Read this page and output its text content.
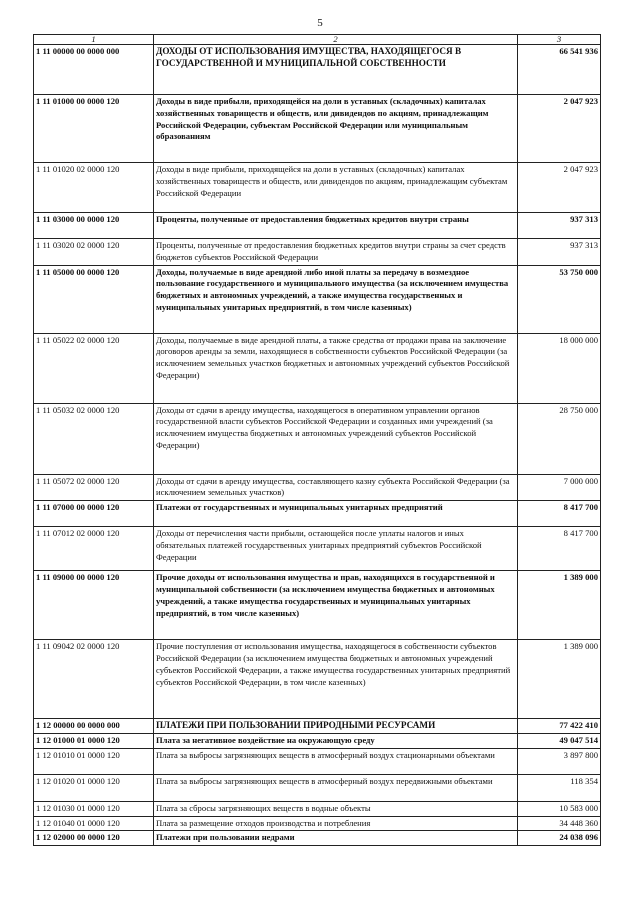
5
1	2	3
1 11 00000 00 0000 000	ДОХОДЫ ОТ ИСПОЛЬЗОВАНИЯ ИМУЩЕСТВА, НАХОДЯЩЕГОСЯ В ГОСУДАРСТВЕННОЙ И МУНИЦИПАЛЬНОЙ СОБСТВЕННОСТИ	66 541 936
1 11 01000 00 0000 120	Доходы в виде прибыли, приходящейся на доли в уставных (складочных) капиталах хозяйственных товариществ и обществ, или дивидендов по акциям, принадлежащим Российской Федерации, субъектам Российской Федерации или муниципальным образованиям	2 047 923
1 11 01020 02 0000 120	Доходы в виде прибыли, приходящейся на доли в уставных (складочных) капиталах хозяйственных товариществ и обществ, или дивидендов по акциям, принадлежащим субъектам Российской Федерации	2 047 923
1 11 03000 00 0000 120	Проценты, полученные от предоставления бюджетных кредитов внутри страны	937 313
1 11 03020 02 0000 120	Проценты, полученные от предоставления бюджетных кредитов внутри страны за счет средств бюджетов субъектов Российской Федерации	937 313
1 11 05000 00 0000 120	Доходы, получаемые в виде арендной либо иной платы за передачу в возмездное пользование государственного и муниципального имущества (за исключением имущества бюджетных и автономных учреждений, а также имущества государственных и муниципальных унитарных предприятий, в том числе казенных)	53 750 000
1 11 05022 02 0000 120	Доходы, получаемые в виде арендной платы, а также средства от продажи права на заключение договоров аренды за земли, находящиеся в собственности субъектов Российской Федерации (за исключением земельных участков бюджетных и автономных учреждений субъектов Российской Федерации)	18 000 000
1 11 05032 02 0000 120	Доходы от сдачи в аренду имущества, находящегося в оперативном управлении органов государственной власти субъектов Российской Федерации и созданных ими учреждений (за исключением имущества бюджетных и автономных учреждений субъектов Российской Федерации)	28 750 000
1 11 05072 02 0000 120	Доходы от сдачи в аренду имущества, составляющего казну субъекта Российской Федерации (за исключением земельных участков)	7 000 000
1 11 07000 00 0000 120	Платежи от государственных и муниципальных унитарных предприятий	8 417 700
1 11 07012 02 0000 120	Доходы от перечисления части прибыли, остающейся после уплаты налогов и иных обязательных платежей государственных унитарных предприятий субъектов Российской Федерации	8 417 700
1 11 09000 00 0000 120	Прочие доходы от использования имущества и прав, находящихся в государственной и муниципальной собственности (за исключением имущества бюджетных и автономных учреждений, а также имущества государственных и муниципальных унитарных предприятий, в том числе казенных)	1 389 000
1 11 09042 02 0000 120	Прочие поступления от использования имущества, находящегося в собственности субъектов Российской Федерации (за исключением имущества бюджетных и автономных учреждений субъектов Российской Федерации, а также имущества государственных унитарных предприятий субъектов Российской Федерации, в том числе казенных)	1 389 000
1 12 00000 00 0000 000	ПЛАТЕЖИ ПРИ ПОЛЬЗОВАНИИ ПРИРОДНЫМИ РЕСУРСАМИ	77 422 410
1 12 01000 01 0000 120	Плата за негативное воздействие на окружающую среду	49 047 514
1 12 01010 01 0000 120	Плата за выбросы загрязняющих веществ в атмосферный воздух стационарными объектами	3 897 800
1 12 01020 01 0000 120	Плата за выбросы загрязняющих веществ в атмосферный воздух передвижными объектами	118 354
1 12 01030 01 0000 120	Плата за сбросы загрязняющих веществ в водные объекты	10 583 000
1 12 01040 01 0000 120	Плата за размещение отходов производства и потребления	34 448 360
1 12 02000 00 0000 120	Платежи при пользовании недрами	24 038 096
